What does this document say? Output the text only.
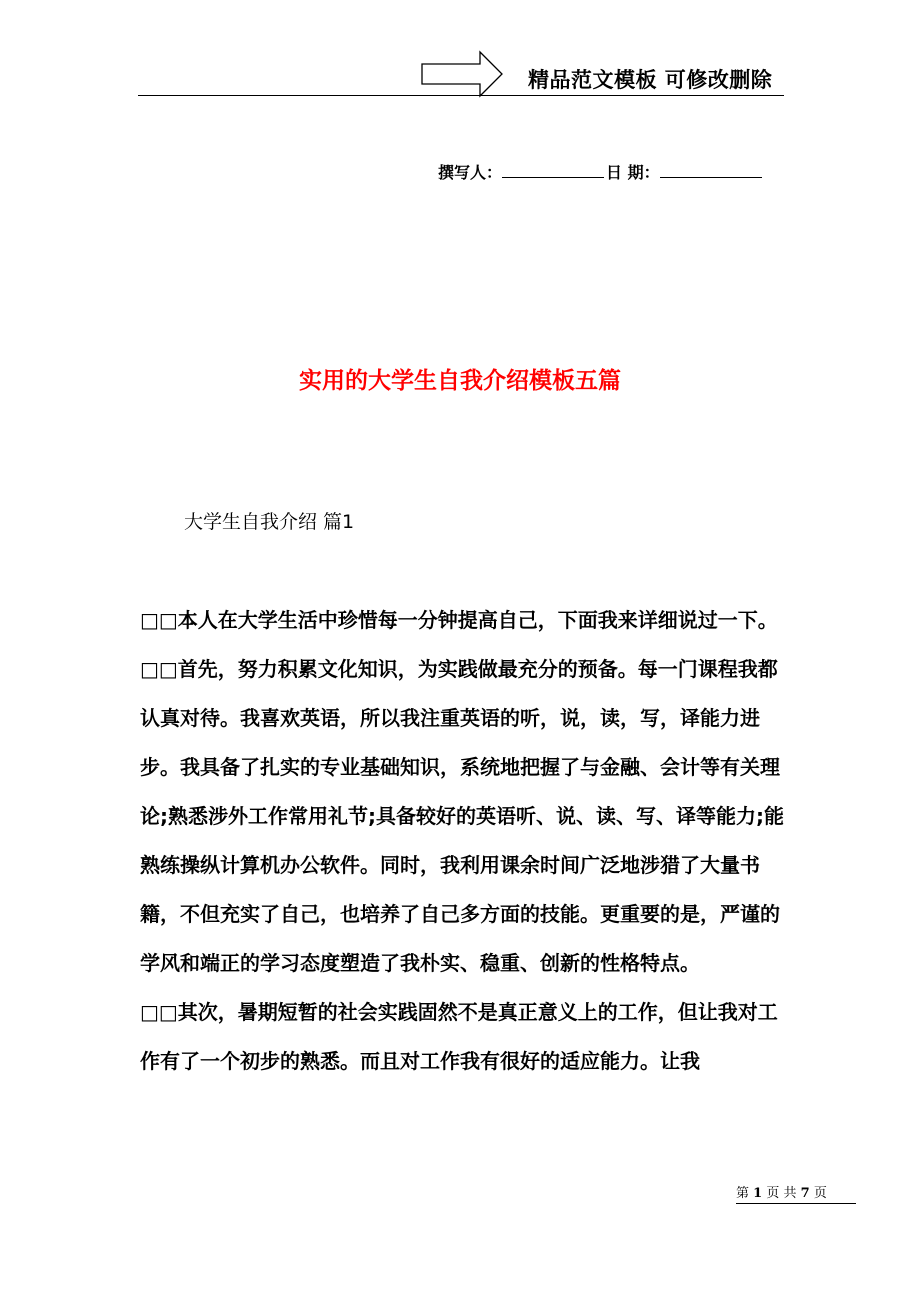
精品范文模板 可修改删除
撰写人：	日 期：
实用的大学生自我介绍模板五篇
大学生自我介绍 篇1

□□本人在大学生活中珍惜每一分钟提高自己，下面我来详细说过一下。

□□首先，努力积累文化知识，为实践做最充分的预备。每一门课程我都认真对待。我喜欢英语，所以我注重英语的听，说，读，写，译能力进步。我具备了扎实的专业基础知识，系统地把握了与金融、会计等有关理论;熟悉涉外工作常用礼节;具备较好的英语听、说、读、写、译等能力;能熟练操纵计算机办公软件。同时，我利用课余时间广泛地涉猎了大量书籍，不但充实了自己，也培养了自己多方面的技能。更重要的是，严谨的学风和端正的学习态度塑造了我朴实、稳重、创新的性格特点。

□□其次，暑期短暂的社会实践固然不是真正意义上的工作，但让我对工作有了一个初步的熟悉。而且对工作我有很好的适应能力。让我

第 1 页 共 7 页
